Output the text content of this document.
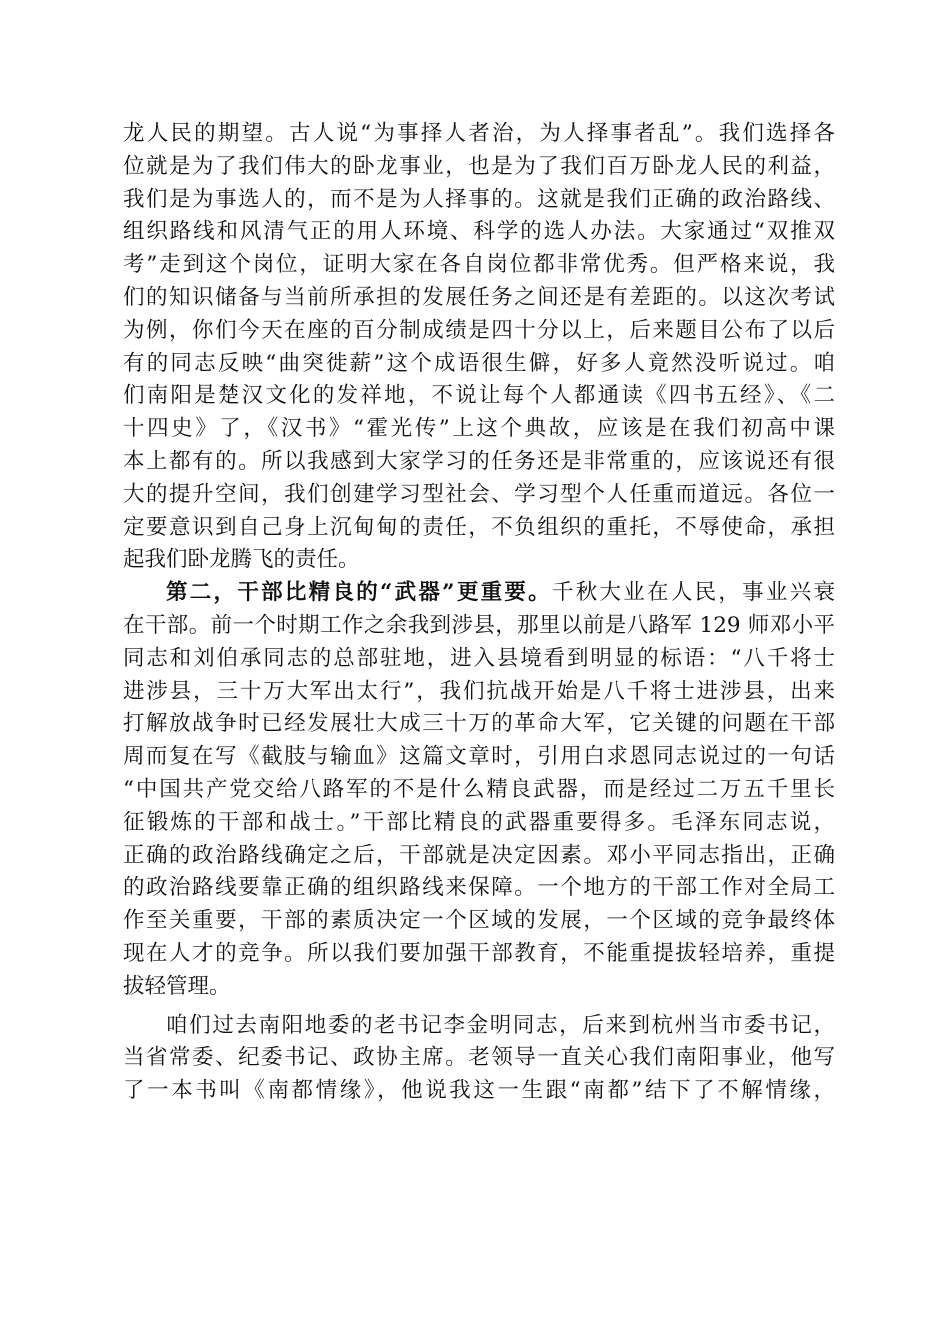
龙人民的期望。古人说“为事择人者治，为人择事者乱”。我们选择各
位就是为了我们伟大的卧龙事业，也是为了我们百万卧龙人民的利益，
我们是为事选人的，而不是为人择事的。这就是我们正确的政治路线、
组织路线和风清气正的用人环境、科学的选人办法。大家通过“双推双
考”走到这个岗位，证明大家在各自岗位都非常优秀。但严格来说，我
们的知识储备与当前所承担的发展任务之间还是有差距的。以这次考试
为例，你们今天在座的百分制成绩是四十分以上，后来题目公布了以后
有的同志反映“曲突徙薪”这个成语很生僻，好多人竟然没听说过。咱
们南阳是楚汉文化的发祥地，不说让每个人都通读《四书五经》、《二
十四史》了，《汉书》“霍光传”上这个典故，应该是在我们初高中课
本上都有的。所以我感到大家学习的任务还是非常重的，应该说还有很
大的提升空间，我们创建学习型社会、学习型个人任重而道远。各位一
定要意识到自己身上沉甸甸的责任，不负组织的重托，不辱使命，承担
起我们卧龙腾飞的责任。
第二，干部比精良的“武器”更重要。千秋大业在人民，事业兴衰
在干部。前一个时期工作之余我到涉县，那里以前是八路军 129 师邓小平
同志和刘伯承同志的总部驻地，进入县境看到明显的标语：“八千将士
进涉县，三十万大军出太行”，我们抗战开始是八千将士进涉县，出来
打解放战争时已经发展壮大成三十万的革命大军，它关键的问题在干部
周而复在写《截肢与输血》这篇文章时，引用白求恩同志说过的一句话
“中国共产党交给八路军的不是什么精良武器，而是经过二万五千里长
征锻炼的干部和战士。”干部比精良的武器重要得多。毛泽东同志说，
正确的政治路线确定之后，干部就是决定因素。邓小平同志指出，正确
的政治路线要靠正确的组织路线来保障。一个地方的干部工作对全局工
作至关重要，干部的素质决定一个区域的发展，一个区域的竞争最终体
现在人才的竞争。所以我们要加强干部教育，不能重提拔轻培养，重提
拔轻管理。
咱们过去南阳地委的老书记李金明同志，后来到杭州当市委书记，
当省常委、纪委书记、政协主席。老领导一直关心我们南阳事业，他写
了一本书叫《南都情缘》，他说我这一生跟“南都”结下了不解情缘，
